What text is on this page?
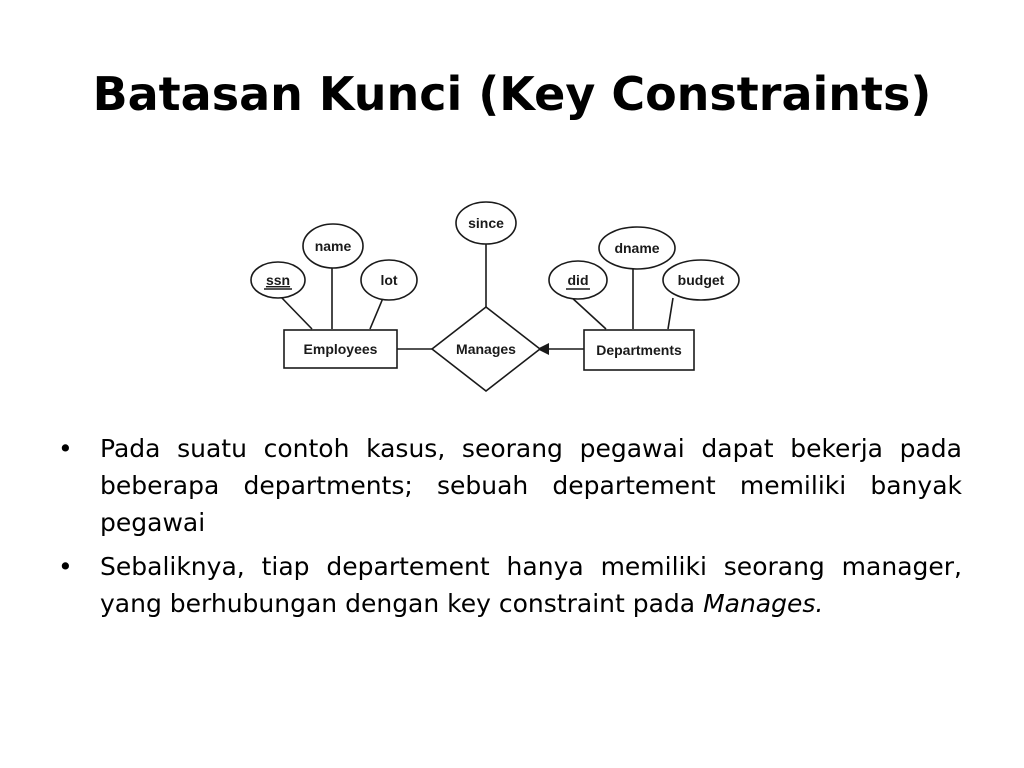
Batasan Kunci (Key Constraints)
Employees	Manages	Departments
ssn
name
lot
since
did
dname
budget
•	Pada suatu contoh kasus, seorang pegawai dapat bekerja pada beberapa departments; sebuah departement memiliki banyak pegawai
•	Sebaliknya, tiap departement hanya memiliki seorang manager, yang berhubungan dengan key constraint pada Manages.
